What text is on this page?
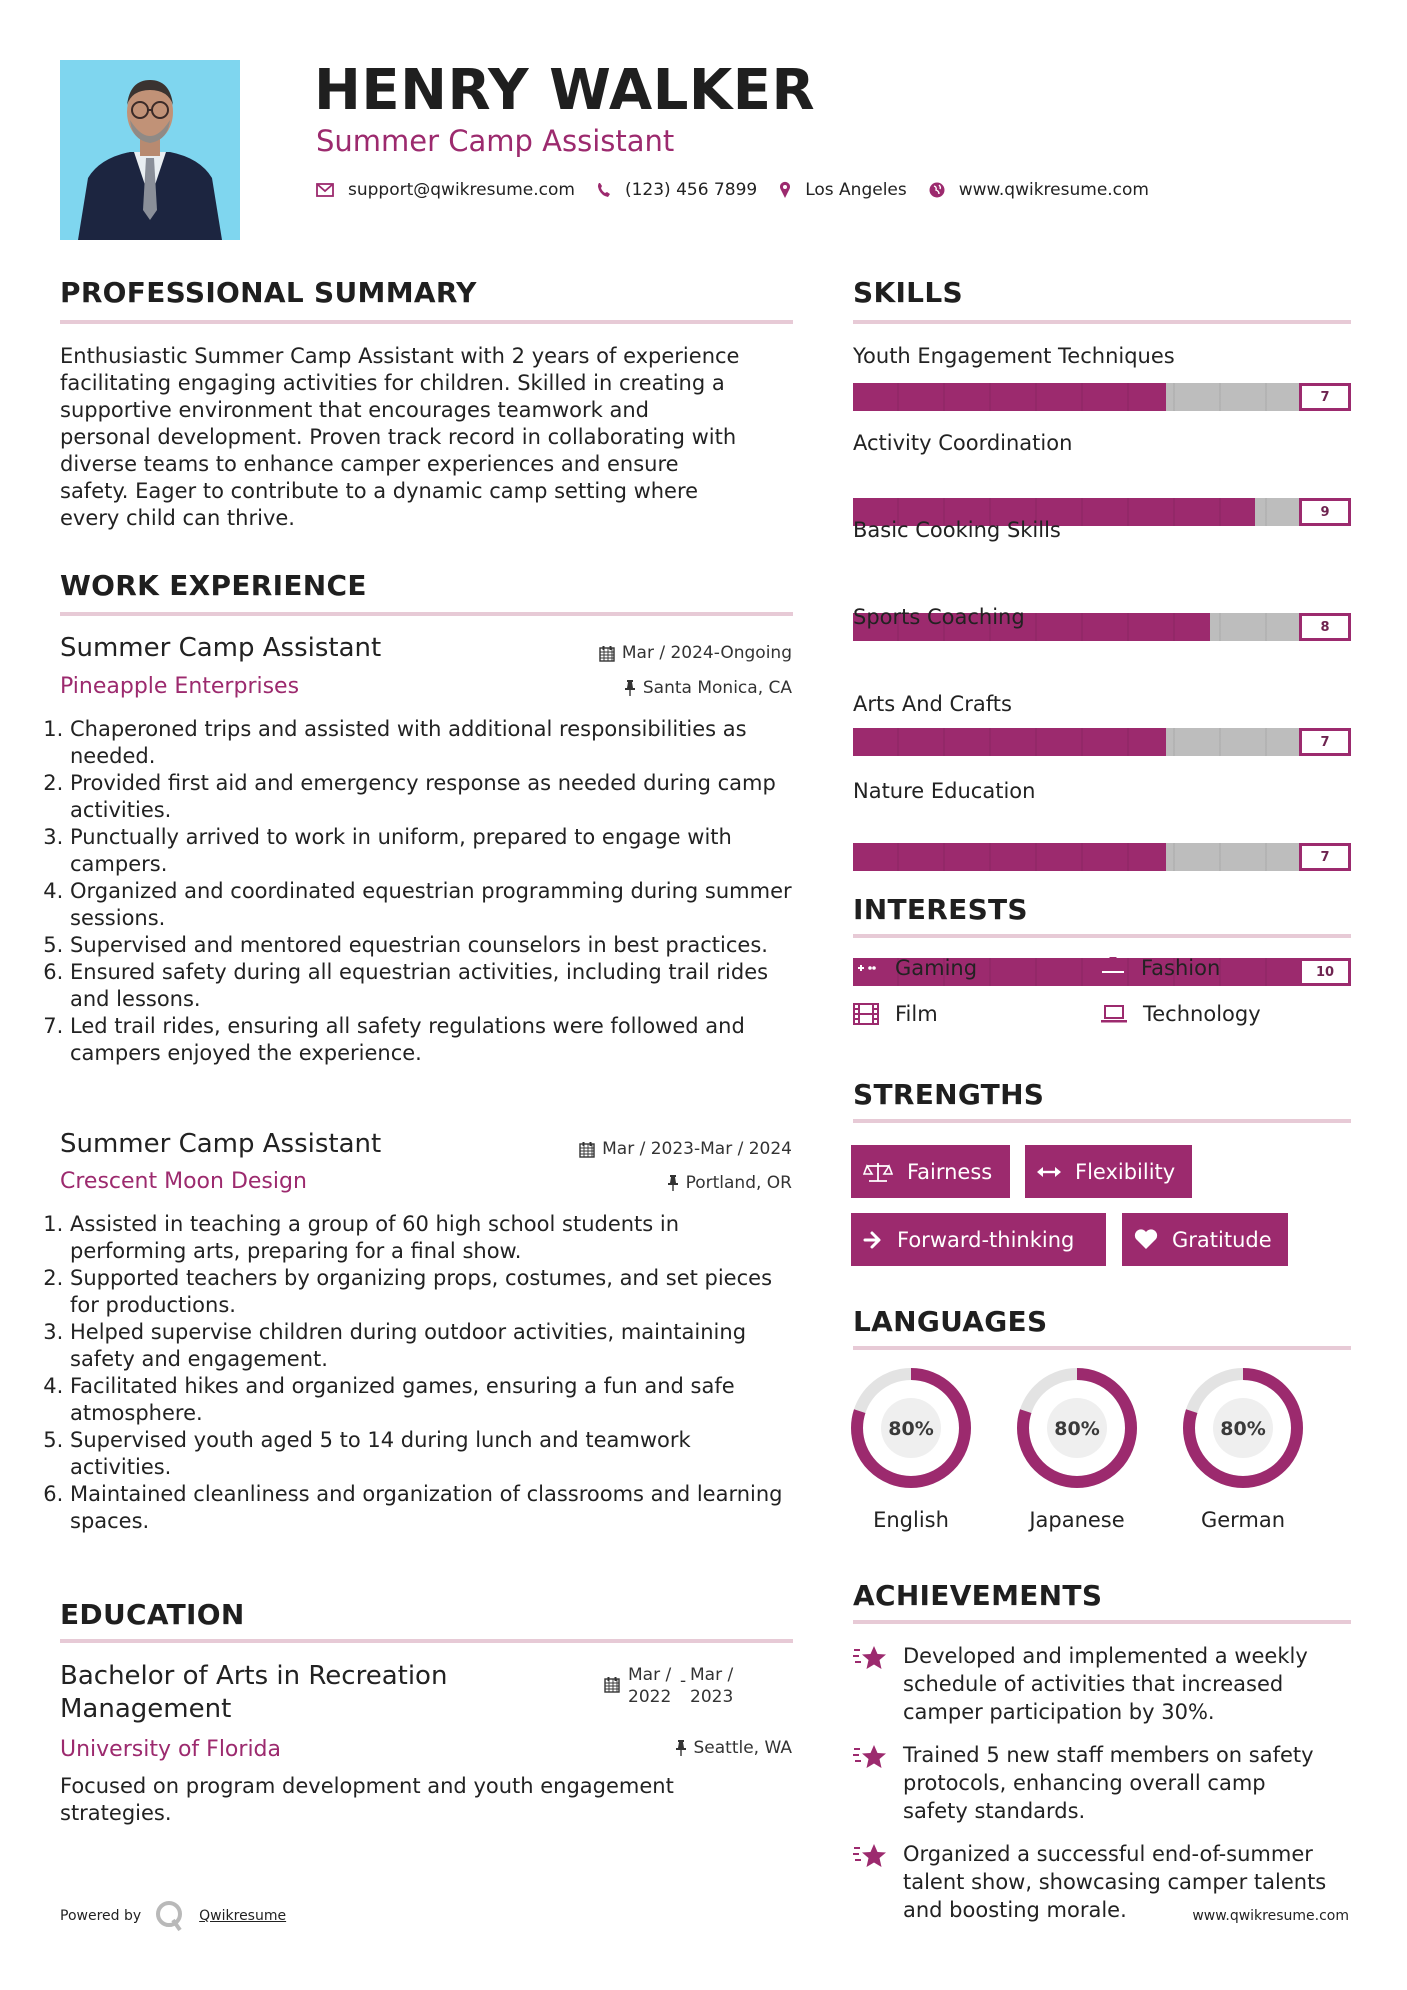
HENRY WALKER
Summer Camp Assistant
support@qwikresume.com	(123) 456 7899	Los Angeles	www.qwikresume.com
PROFESSIONAL SUMMARY
Enthusiastic Summer Camp Assistant with 2 years of experience
facilitating engaging activities for children. Skilled in creating a
supportive environment that encourages teamwork and
personal development. Proven track record in collaborating with
diverse teams to enhance camper experiences and ensure
safety. Eager to contribute to a dynamic camp setting where
every child can thrive.
WORK EXPERIENCE
Summer Camp Assistant	Mar / 2024-Ongoing
Pineapple Enterprises	Santa Monica, CA
1. Chaperoned trips and assisted with additional responsibilities as needed.
2. Provided first aid and emergency response as needed during camp activities.
3. Punctually arrived to work in uniform, prepared to engage with campers.
4. Organized and coordinated equestrian programming during summer sessions.
5. Supervised and mentored equestrian counselors in best practices.
6. Ensured safety during all equestrian activities, including trail rides and lessons.
7. Led trail rides, ensuring all safety regulations were followed and campers enjoyed the experience.
Summer Camp Assistant	Mar / 2023-Mar / 2024
Crescent Moon Design	Portland, OR
1. Assisted in teaching a group of 60 high school students in performing arts, preparing for a final show.
2. Supported teachers by organizing props, costumes, and set pieces for productions.
3. Helped supervise children during outdoor activities, maintaining safety and engagement.
4. Facilitated hikes and organized games, ensuring a fun and safe atmosphere.
5. Supervised youth aged 5 to 14 during lunch and teamwork activities.
6. Maintained cleanliness and organization of classrooms and learning spaces.
EDUCATION
Bachelor of Arts in Recreation
Management
Mar /
2022
- Mar /
2023
University of Florida	Seattle, WA
Focused on program development and youth engagement
strategies.
SKILLS
Youth Engagement Techniques
7
Activity Coordination
9
Basic Cooking Skills
8
Sports Coaching
7
Arts And Crafts
7
Nature Education
10
INTERESTS
Gaming	Fashion
Film	Technology
STRENGTHS
Fairness	Flexibility
Forward-thinking	Gratitude
LANGUAGES
80%
English
80%
Japanese
80%
German
ACHIEVEMENTS
Developed and implemented a weekly
schedule of activities that increased
camper participation by 30%.
Trained 5 new staff members on safety
protocols, enhancing overall camp
safety standards.
Organized a successful end-of-summer
talent show, showcasing camper talents
and boosting morale.
Powered by	Qwikresume	www.qwikresume.com
